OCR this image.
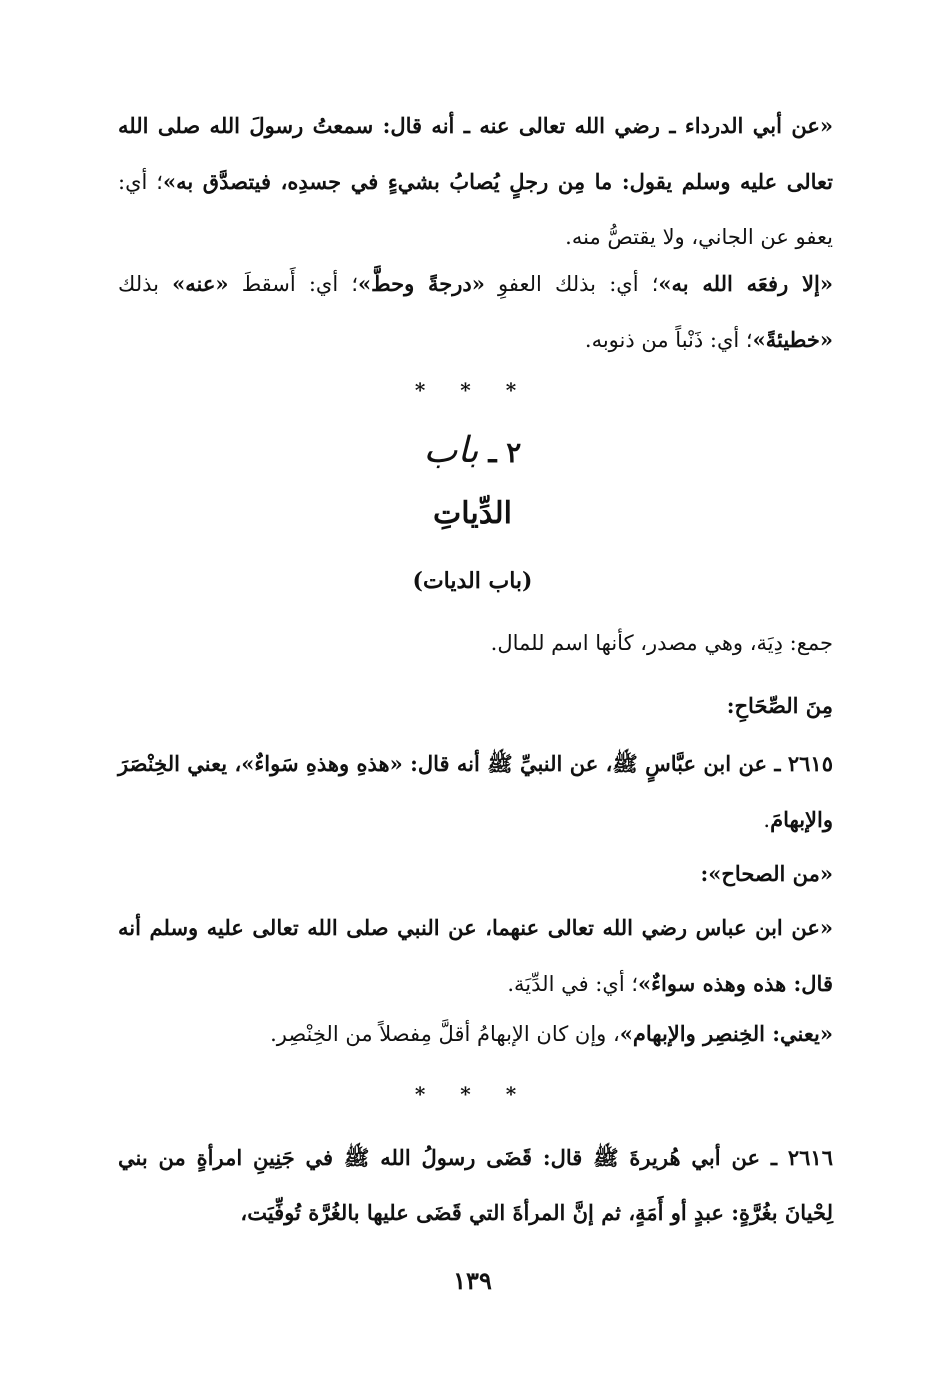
«عن أبي الدرداء ـ رضي الله تعالى عنه ـ أنه قال: سمعتُ رسولَ الله صلى الله تعالى عليه وسلم يقول: ما مِن رجلٍ يُصابُ بشيءٍ في جسدِه، فيتصدَّق به»؛ أي: يعفو عن الجاني، ولا يقتصُّ منه.

«إلا رفعَه الله به»؛ أي: بذلك العفوِ «درجةً وحطَّ»؛ أي: أَسقطَ «عنه» بذلك «خطيئةً»؛ أي: ذَنْباً من ذنوبه.

* * *
٢ ـ باب
الدِّياتِ
(باب الديات)

جمع: دِيَة، وهي مصدر، كأنها اسم للمال.

مِنَ الصِّحَاحِ:

٢٦١٥ ـ عن ابن عبَّاسٍ ﷺ، عن النبيِّ ﷺ أنه قال: «هذهِ وهذهِ سَواءٌ»، يعني الخِنْصَرَ والإبهامَ.

«من الصحاح»:

«عن ابن عباس رضي الله تعالى عنهما، عن النبي صلى الله تعالى عليه وسلم أنه قال: هذه وهذه سواءٌ»؛ أي: في الدِّيَة.

«يعني: الخِنصِر والإبهام»، وإن كان الإبهامُ أقلَّ مِفصلاً من الخِنْصِر.

* * *

٢٦١٦ ـ عن أبي هُريرةَ ﷺ قال: قَضَى رسولُ الله ﷺ في جَنِينِ امرأةٍ من بني لِحْيانَ بغُرَّةٍ: عبدٍ أو أَمَةٍ، ثم إنَّ المرأةَ التي قَضَى عليها بالغُرَّة تُوفِّيَت،

١٣٩
